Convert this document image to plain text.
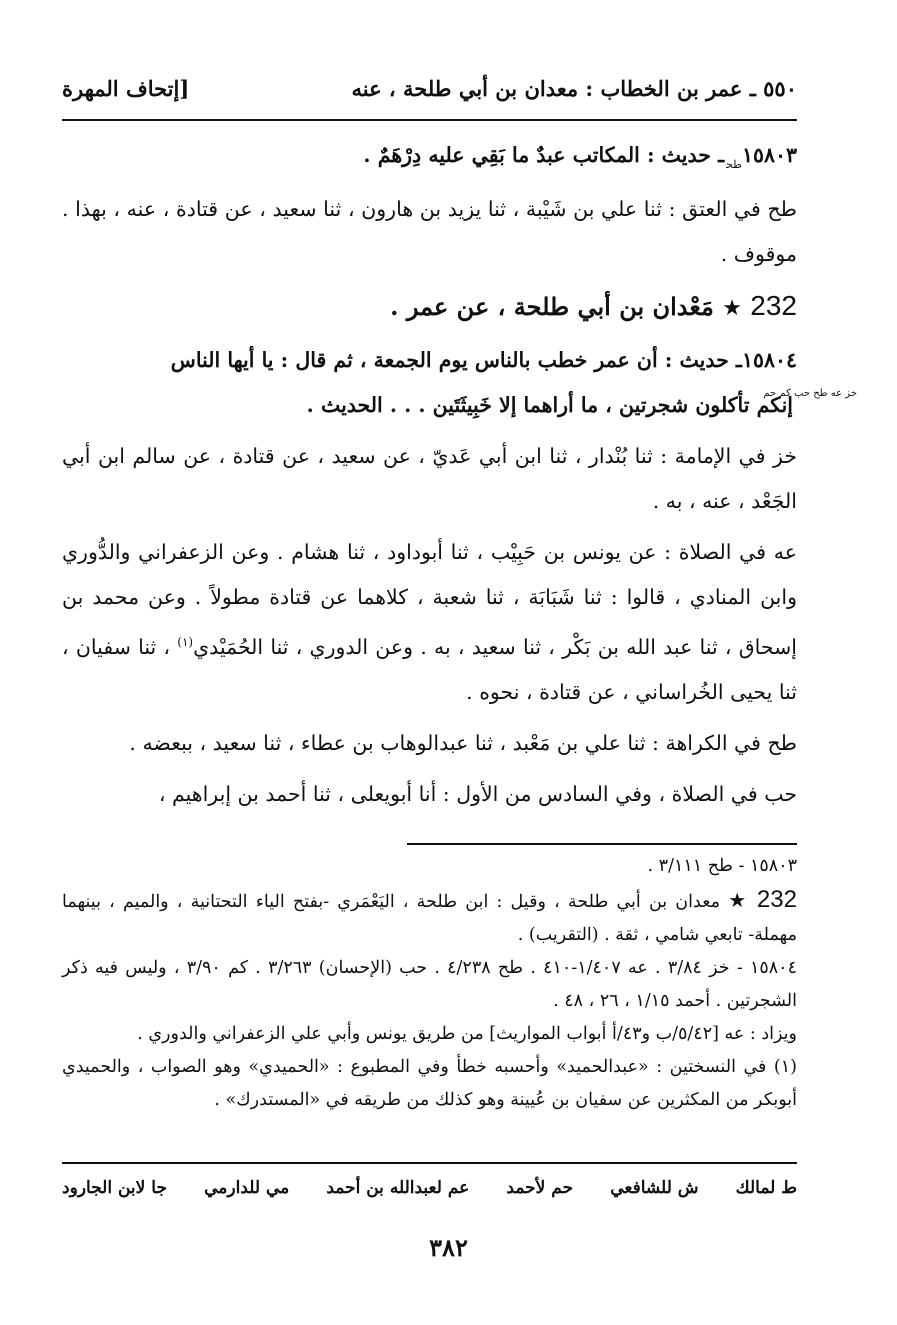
٥٥٠ ـ عمر بن الخطاب : معدان بن أبي طلحة ، عنه
[إتحاف المهرة

$١٥٨٠٣_{طح}ـ$ حديث : المكاتب عبدٌ ما بَقِي عليه دِرْهَمٌ .

طح في العتق : ثنا علي بن شَيْبة ، ثنا يزيد بن هارون ، ثنا سعيد ، عن قتادة ، عنه ، بهذا . موقوف .

232 ★ مَعْدان بن أبي طلحة ، عن عمر .

١٥٨٠٤ـ حديث : أن عمر خطب بالناس يوم الجمعة ، ثم قال : يا أيها الناس

خز عه طح حب كم حمإنكم تأكلون شجرتين ، ما أراهما إلا خَبِيثَتَين . . . الحديث .

خز في الإمامة : ثنا بُنْدار ، ثنا ابن أبي عَديّ ، عن سعيد ، عن قتادة ، عن سالم ابن أبي الجَعْد ، عنه ، به .

عه في الصلاة : عن يونس بن حَبِيْب ، ثنا أبوداود ، ثنا هشام . وعن الزعفراني والدُّوري وابن المنادي ، قالوا : ثنا شَبَابَة ، ثنا شعبة ، كلاهما عن قتادة مطولاً . وعن محمد بن إسحاق ، ثنا عبد الله بن بَكْر ، ثنا سعيد ، به . وعن الدوري ، ثنا الحُمَيْدي$^{(١)}$ ، ثنا سفيان ، ثنا يحيى الخُراساني ، عن قتادة ، نحوه .

طح في الكراهة : ثنا علي بن مَعْبد ، ثنا عبدالوهاب بن عطاء ، ثنا سعيد ، ببعضه .

حب في الصلاة ، وفي السادس من الأول : أنا أبويعلى ، ثنا أحمد بن إبراهيم ،

١٥٨٠٣ - طح ٣/١١١ .

232 ★ معدان بن أبي طلحة ، وقيل : ابن طلحة ، اليَعْمَري -بفتح الياء التحتانية ، والميم ، بينهما مهملة- تابعي شامي ، ثقة . (التقريب) .

١٥٨٠٤ - خز ٣/٨٤ . عه ١/٤٠٧-٤١٠ . طح ٤/٢٣٨ . حب (الإحسان) ٣/٢٦٣ . كم ٣/٩٠ ، وليس فيه ذكر الشجرتين . أحمد ١/١٥ ، ٢٦ ، ٤٨ .

ويزاد : عه [٥/٤٢/ب و٤٣/أ أبواب المواريث] من طريق يونس وأبي علي الزعفراني والدوري .

(١) في النسختين : «عبدالحميد» وأحسبه خطأ وفي المطبوع : «الحميدي» وهو الصواب ، والحميدي أبوبكر من المكثرين عن سفيان بن عُيينة وهو كذلك من طريقه في «المستدرك» .

ط لمالك
ش للشافعي
حم لأحمد
عم لعبدالله بن أحمد
مي للدارمي
جا لابن الجارود
٣٨٢
